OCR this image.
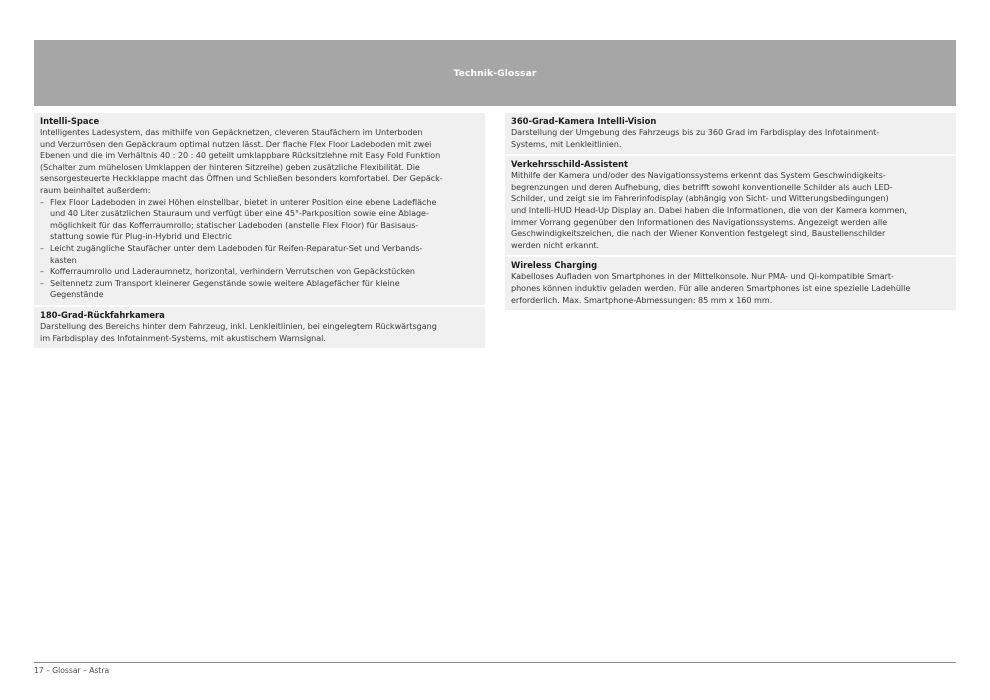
Technik-Glossar
Intelli-Space
Intelligentes Ladesystem, das mithilfe von Gepäcknetzen, cleveren Staufächern im Unterboden
und Verzurrösen den Gepäckraum optimal nutzen lässt. Der flache Flex Floor Ladeboden mit zwei
Ebenen und die im Verhältnis 40 : 20 : 40 geteilt umklappbare Rücksitzlehne mit Easy Fold Funktion
(Schalter zum mühelosen Umklappen der hinteren Sitzreihe) geben zusätzliche Flexibilität. Die
sensorgesteuerte Heckklappe macht das Öffnen und Schließen besonders komfortabel. Der Gepäck-
raum beinhaltet außerdem:
– Flex Floor Ladeboden in zwei Höhen einstellbar, bietet in unterer Position eine ebene Ladefläche
und 40 Liter zusätzlichen Stauraum und verfügt über eine 45°-Parkposition sowie eine Ablage-
möglichkeit für das Kofferraumrollo; statischer Ladeboden (anstelle Flex Floor) für Basisaus-
stattung sowie für Plug-in-Hybrid und Electric
– Leicht zugängliche Staufächer unter dem Ladeboden für Reifen-Reparatur-Set und Verbands-
kasten
– Kofferraumrollo und Laderaumnetz, horizontal, verhindern Verrutschen von Gepäckstücken
– Seitennetz zum Transport kleinerer Gegenstände sowie weitere Ablagefächer für kleine
Gegenstände
180-Grad-Rückfahrkamera
Darstellung des Bereichs hinter dem Fahrzeug, inkl. Lenkleitlinien, bei eingelegtem Rückwärtsgang
im Farbdisplay des Infotainment-Systems, mit akustischem Warnsignal.
360-Grad-Kamera Intelli-Vision
Darstellung der Umgebung des Fahrzeugs bis zu 360 Grad im Farbdisplay des Infotainment-
Systems, mit Lenkleitlinien.
Verkehrsschild-Assistent
Mithilfe der Kamera und/oder des Navigationssystems erkennt das System Geschwindigkeits-
begrenzungen und deren Aufhebung, dies betrifft sowohl konventionelle Schilder als auch LED-
Schilder, und zeigt sie im Fahrerinfodisplay (abhängig von Sicht- und Witterungsbedingungen)
und Intelli-HUD Head-Up Display an. Dabei haben die Informationen, die von der Kamera kommen,
immer Vorrang gegenüber den Informationen des Navigationssystems. Angezeigt werden alle
Geschwindigkeitszeichen, die nach der Wiener Konvention festgelegt sind, Baustellenschilder
werden nicht erkannt.
Wireless Charging
Kabelloses Aufladen von Smartphones in der Mittelkonsole. Nur PMA- und Qi-kompatible Smart-
phones können induktiv geladen werden. Für alle anderen Smartphones ist eine spezielle Ladehülle
erforderlich. Max. Smartphone-Abmessungen: 85 mm x 160 mm.
17 – Glossar – Astra
